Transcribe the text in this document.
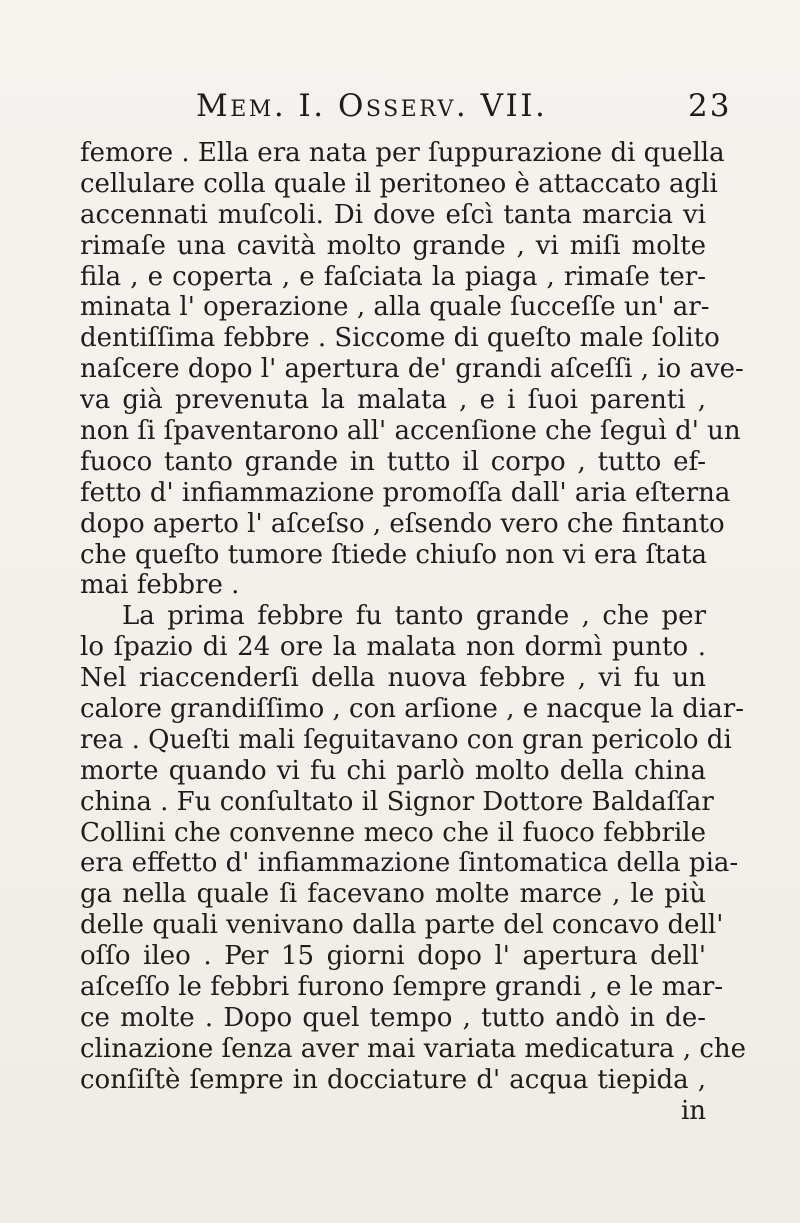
Mem. I. Osserv. VII.	23
femore . Ella era nata per ſuppurazione di quella
cellulare colla quale il peritoneo è attaccato agli
accennati muſcoli. Di dove eſcì tanta marcia vi
rimaſe una cavità molto grande , vi miſi molte
fila , e coperta , e faſciata la piaga , rimaſe ter-
minata l' operazione , alla quale ſucceſſe un' ar-
dentiſſima febbre . Siccome di queſto male ſolito
naſcere dopo l' apertura de' grandi aſceſſi , io ave-
va già prevenuta la malata , e i ſuoi parenti ,
non ſi ſpaventarono all' accenſione che ſeguì d' un
fuoco tanto grande in tutto il corpo , tutto ef-
fetto d' infiammazione promoſſa dall' aria eſterna
dopo aperto l' aſceſso , eſsendo vero che fintanto
che queſto tumore ſtiede chiuſo non vi era ſtata
mai febbre .
La prima febbre fu tanto grande , che per
lo ſpazio di 24 ore la malata non dormì punto .
Nel riaccenderſi della nuova febbre , vi fu un
calore grandiſſimo , con arſione , e nacque la diar-
rea . Queſti mali ſeguitavano con gran pericolo di
morte quando vi fu chi parlò molto della china
china . Fu conſultato il Signor Dottore Baldaſſar
Collini che convenne meco che il fuoco febbrile
era effetto d' infiammazione ſintomatica della pia-
ga nella quale ſi facevano molte marce , le più
delle quali venivano dalla parte del concavo dell'
oſſo ileo . Per 15 giorni dopo l' apertura dell'
aſceſſo le febbri furono ſempre grandi , e le mar-
ce molte . Dopo quel tempo , tutto andò in de-
clinazione ſenza aver mai variata medicatura , che
conſiſtè ſempre in docciature d' acqua tiepida ,
in
